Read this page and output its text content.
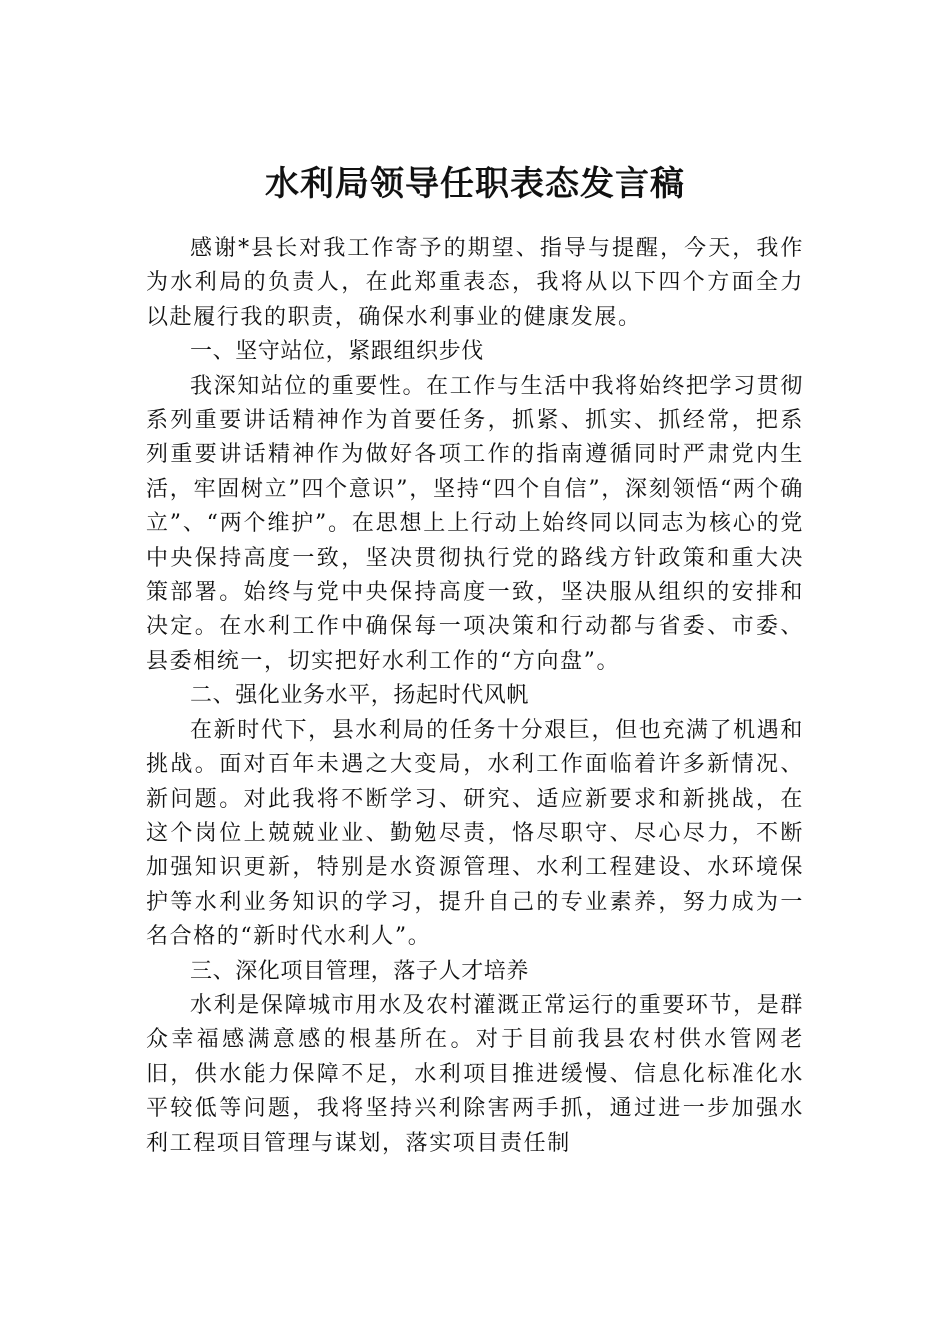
水利局领导任职表态发言稿

感谢*县长对我工作寄予的期望、指导与提醒，今天，我作为水利局的负责人，在此郑重表态，我将从以下四个方面全力以赴履行我的职责，确保水利事业的健康发展。

一、坚守站位，紧跟组织步伐

我深知站位的重要性。在工作与生活中我将始终把学习贯彻系列重要讲话精神作为首要任务，抓紧、抓实、抓经常，把系列重要讲话精神作为做好各项工作的指南遵循同时严肃党内生活，牢固树立”四个意识”，坚持“四个自信”，深刻领悟“两个确立”、“两个维护”。在思想上上行动上始终同以同志为核心的党中央保持高度一致，坚决贯彻执行党的路线方针政策和重大决策部署。始终与党中央保持高度一致，坚决服从组织的安排和决定。在水利工作中确保每一项决策和行动都与省委、市委、县委相统一，切实把好水利工作的“方向盘”。

二、强化业务水平，扬起时代风帆

在新时代下，县水利局的任务十分艰巨，但也充满了机遇和挑战。面对百年未遇之大变局，水利工作面临着许多新情况、新问题。对此我将不断学习、研究、适应新要求和新挑战，在这个岗位上兢兢业业、勤勉尽责，恪尽职守、尽心尽力，不断加强知识更新，特别是水资源管理、水利工程建设、水环境保护等水利业务知识的学习，提升自己的专业素养，努力成为一名合格的“新时代水利人”。

三、深化项目管理，落子人才培养

水利是保障城市用水及农村灌溉正常运行的重要环节，是群众幸福感满意感的根基所在。对于目前我县农村供水管网老旧，供水能力保障不足，水利项目推进缓慢、信息化标准化水平较低等问题，我将坚持兴利除害两手抓，通过进一步加强水利工程项目管理与谋划，落实项目责任制
